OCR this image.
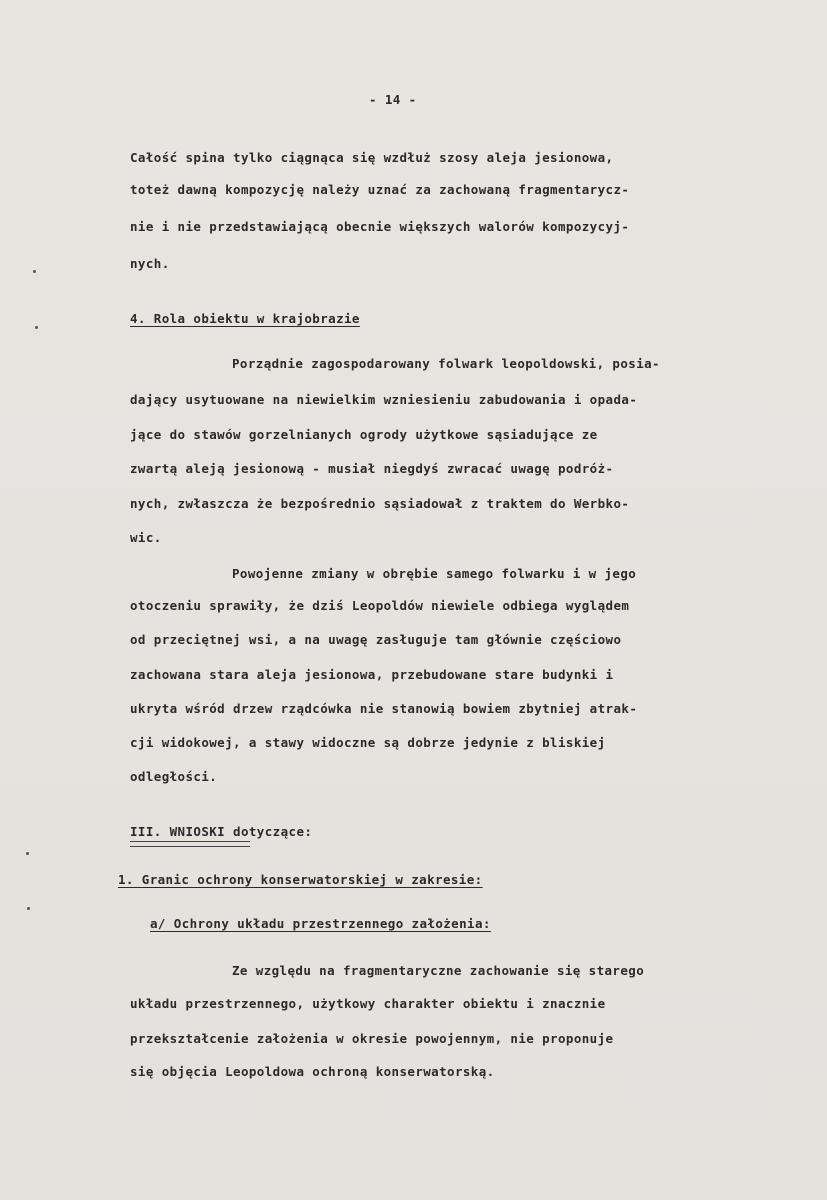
- 14 -
Całość spina tylko ciągnąca się wzdłuż szosy aleja jesionowa,
toteż dawną kompozycję należy uznać za zachowaną fragmentarycz-
nie i nie przedstawiającą obecnie większych walorów kompozycyj-
nych.
4. Rola obiektu w krajobrazie
Porządnie zagospodarowany folwark leopoldowski, posia-
dający usytuowane na niewielkim wzniesieniu zabudowania i opada-
jące do stawów gorzelnianych ogrody użytkowe sąsiadujące ze
zwartą aleją jesionową - musiał niegdyś zwracać uwagę podróż-
nych, zwłaszcza że bezpośrednio sąsiadował z traktem do Werbko-
wic.
Powojenne zmiany w obrębie samego folwarku i w jego
otoczeniu sprawiły, że dziś Leopoldów niewiele odbiega wyglądem
od przeciętnej wsi, a na uwagę zasługuje tam głównie częściowo
zachowana stara aleja jesionowa, przebudowane stare budynki i
ukryta wśród drzew rządcówka nie stanowią bowiem zbytniej atrak-
cji widokowej, a stawy widoczne są dobrze jedynie z bliskiej
odległości.
III. WNIOSKI dotyczące:
1. Granic ochrony konserwatorskiej w zakresie:
a/ Ochrony układu przestrzennego założenia:
Ze względu na fragmentaryczne zachowanie się starego
układu przestrzennego, użytkowy charakter obiektu i znacznie
przekształcenie założenia w okresie powojennym, nie proponuje
się objęcia Leopoldowa ochroną konserwatorską.
